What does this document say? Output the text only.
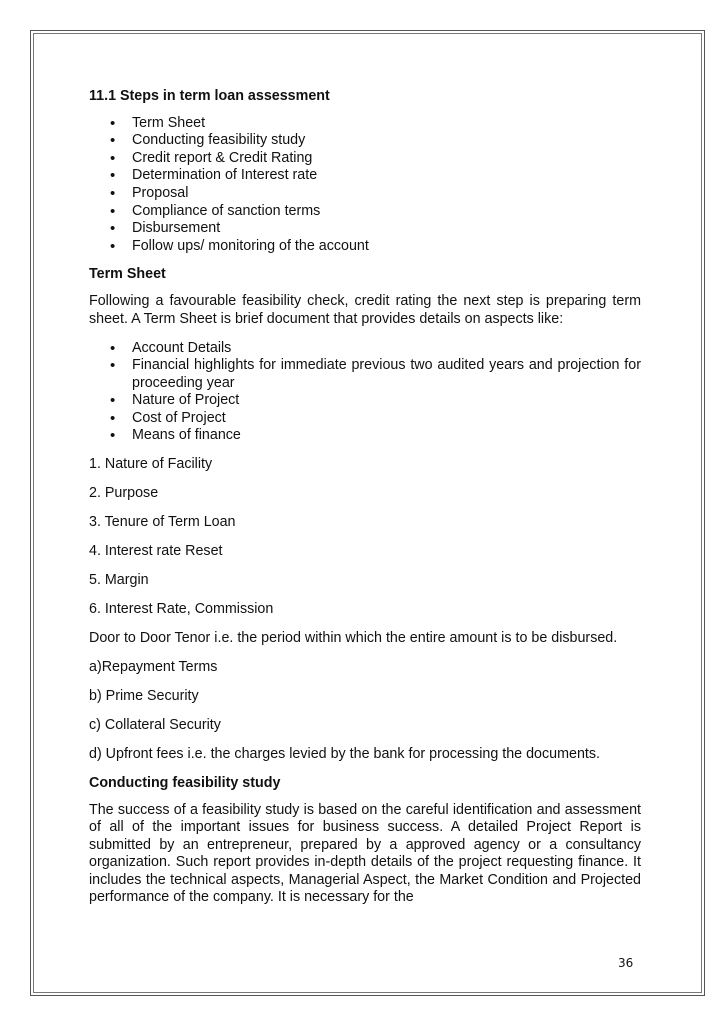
11.1 Steps in term loan assessment
• Term Sheet
• Conducting feasibility study
• Credit report & Credit Rating
• Determination of Interest rate
• Proposal
• Compliance of sanction terms
• Disbursement
• Follow ups/ monitoring of the account
Term Sheet

Following a favourable feasibility check, credit rating the next step is preparing term sheet. A Term Sheet is brief document that provides details on aspects like:

• Account Details
• Financial highlights for immediate previous two audited years and projection for proceeding year
• Nature of Project
• Cost of Project
• Means of finance

1. Nature of Facility

2. Purpose

3. Tenure of Term Loan

4. Interest rate Reset

5. Margin

6. Interest Rate, Commission

Door to Door Tenor i.e. the period within which the entire amount is to be disbursed.

a)Repayment Terms

b) Prime Security

c) Collateral Security

d) Upfront fees i.e. the charges levied by the bank for processing the documents.

Conducting feasibility study

The success of a feasibility study is based on the careful identification and assessment of all of the important issues for business success. A detailed Project Report is submitted by an entrepreneur, prepared by a approved agency or a consultancy organization. Such report provides in-depth details of the project requesting finance. It includes the technical aspects, Managerial Aspect, the Market Condition and Projected performance of the company. It is necessary for the

36
